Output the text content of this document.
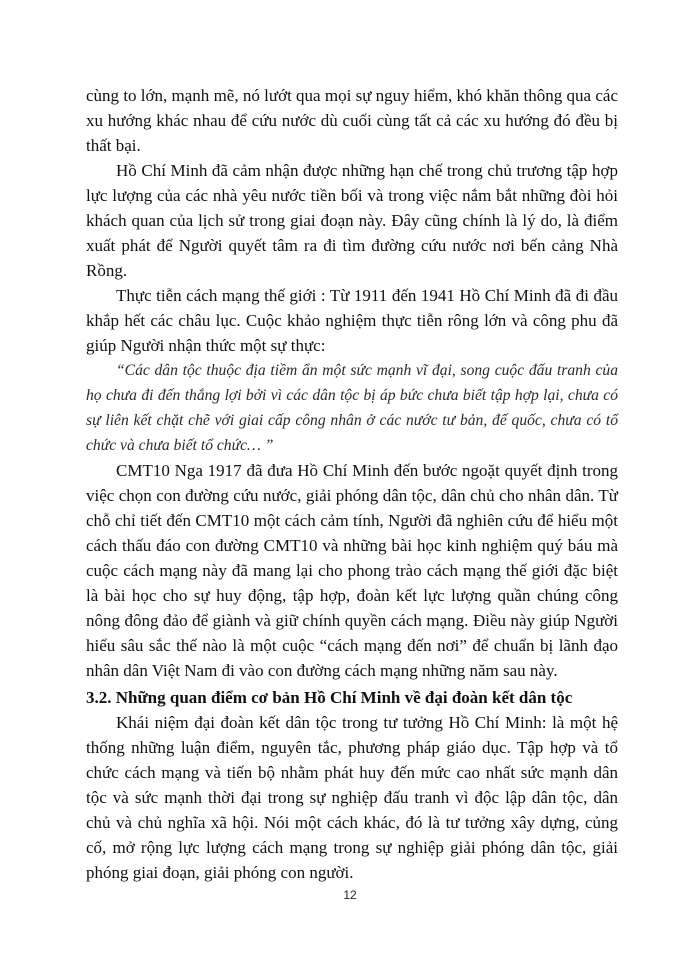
cùng to lớn, mạnh mẽ, nó lướt qua mọi sự nguy hiểm, khó khăn thông qua các xu hướng khác nhau để cứu nước dù cuối cùng tất cả các xu hướng đó đều bị thất bại.

Hồ Chí Minh đã cảm nhận được những hạn chế trong chủ trương tập hợp lực lượng của các nhà yêu nước tiền bối và trong việc nắm bắt những đòi hỏi khách quan của lịch sử trong giai đoạn này. Đây cũng chính là lý do, là điểm xuất phát để Người quyết tâm ra đi tìm đường cứu nước nơi bến cảng Nhà Rồng.

Thực tiễn cách mạng thế giới : Từ 1911 đến 1941 Hồ Chí Minh đã đi đầu khắp hết các châu lục. Cuộc khảo nghiệm thực tiễn rông lớn và công phu đã giúp Người nhận thức một sự thực:

“Các dân tộc thuộc địa tiềm ẩn một sức mạnh vĩ đại, song cuộc đấu tranh của họ chưa đi đến thắng lợi bởi vì các dân tộc bị áp bức chưa biết tập hợp lại, chưa có sự liên kết chặt chẽ với giai cấp công nhân ở các nước tư bản, đế quốc, chưa có tổ chức và chưa biết tổ chức… ”

CMT10 Nga 1917 đã đưa Hồ Chí Minh đến bước ngoặt quyết định trong việc chọn con đường cứu nước, giải phóng dân tộc, dân chủ cho nhân dân. Từ chỗ chỉ tiết đến CMT10 một cách cảm tính, Người đã nghiên cứu để hiểu một cách thấu đáo con đường CMT10 và những bài học kinh nghiệm quý báu mà cuộc cách mạng này đã mang lại cho phong trào cách mạng thế giới đặc biệt là bài học cho sự huy động, tập hợp, đoàn kết lực lượng quần chúng công nông đông đảo để giành và giữ chính quyền cách mạng. Điều này giúp Người hiểu sâu sắc thế nào là một cuộc “cách mạng đến nơi” để chuẩn bị lãnh đạo nhân dân Việt Nam đi vào con đường cách mạng những năm sau này.

3.2. Những quan điểm cơ bản Hồ Chí Minh về đại đoàn kết dân tộc

Khái niệm đại đoàn kết dân tộc trong tư tưởng Hồ Chí Minh: là một hệ thống những luận điểm, nguyên tắc, phương pháp giáo dục. Tập hợp và tổ chức cách mạng và tiến bộ nhằm phát huy đến mức cao nhất sức mạnh dân tộc và sức mạnh thời đại trong sự nghiệp đấu tranh vì độc lập dân tộc, dân chủ và chủ nghĩa xã hội. Nói một cách khác, đó là tư tưởng xây dựng, củng cố, mở rộng lực lượng cách mạng trong sự nghiệp giải phóng dân tộc, giải phóng giai đoạn, giải phóng con người.

12
